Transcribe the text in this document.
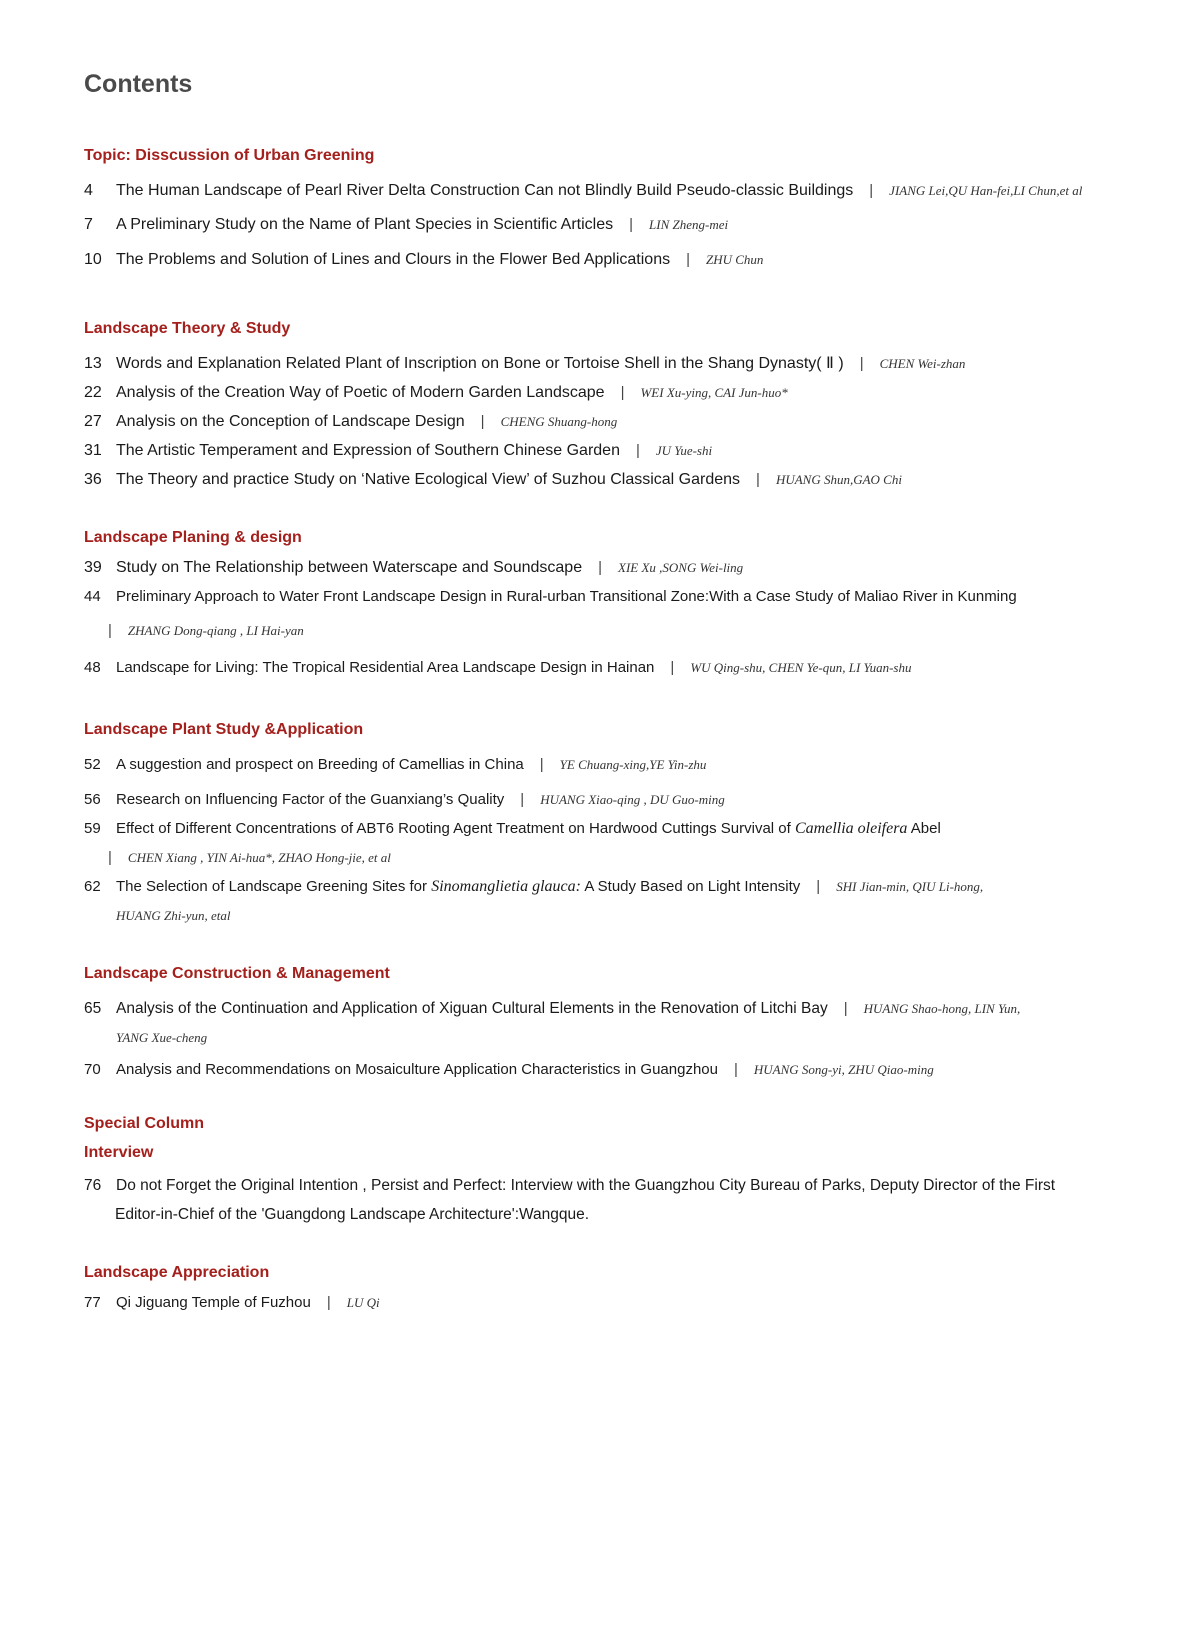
Contents
Topic: Disscussion of Urban Greening
4 The Human Landscape of Pearl River Delta Construction Can not Blindly Build Pseudo-classic Buildings | JIANG Lei,QU Han-fei,LI Chun,et al
7 A Preliminary Study on the Name of Plant Species in Scientific Articles | LIN Zheng-mei
10 The Problems and Solution of Lines and Clours in the Flower Bed Applications | ZHU Chun
Landscape Theory & Study
13 Words and Explanation Related Plant of Inscription on Bone or Tortoise Shell in the Shang Dynasty( Ⅱ ) | CHEN Wei-zhan
22 Analysis of the Creation Way of Poetic of Modern Garden Landscape | WEI Xu-ying, CAI Jun-huo*
27 Analysis on the Conception of Landscape Design | CHENG Shuang-hong
31 The Artistic Temperament and Expression of Southern Chinese Garden | JU Yue-shi
36 The Theory and practice Study on ‘Native Ecological View’ of Suzhou Classical Gardens | HUANG Shun,GAO Chi
Landscape Planing & design
39 Study on The Relationship between Waterscape and Soundscape | XIE Xu ,SONG Wei-ling
44 Preliminary Approach to Water Front Landscape Design in Rural-urban Transitional Zone:With a Case Study of Maliao River in Kunming
| ZHANG Dong-qiang , LI Hai-yan
48 Landscape for Living: The Tropical Residential Area Landscape Design in Hainan | WU Qing-shu, CHEN Ye-qun, LI Yuan-shu
Landscape Plant Study &Application
52 A suggestion and prospect on Breeding of Camellias in China | YE Chuang-xing,YE Yin-zhu
56 Research on Influencing Factor of the Guanxiang’s Quality | HUANG Xiao-qing , DU Guo-ming
59 Effect of Different Concentrations of ABT6 Rooting Agent Treatment on Hardwood Cuttings Survival of Camellia oleifera Abel
| CHEN Xiang , YIN Ai-hua*, ZHAO Hong-jie, et al
62 The Selection of Landscape Greening Sites for Sinomanglietia glauca: A Study Based on Light Intensity | SHI Jian-min, QIU Li-hong,
HUANG Zhi-yun, etal
Landscape Construction & Management
65 Analysis of the Continuation and Application of Xiguan Cultural Elements in the Renovation of Litchi Bay | HUANG Shao-hong, LIN Yun,
YANG Xue-cheng
70 Analysis and Recommendations on Mosaiculture Application Characteristics in Guangzhou | HUANG Song-yi, ZHU Qiao-ming
Special Column
Interview
76 Do not Forget the Original Intention , Persist and Perfect: Interview with the Guangzhou City Bureau of Parks, Deputy Director of the First
Editor-in-Chief of the 'Guangdong Landscape Architecture':Wangque.
Landscape Appreciation
77 Qi Jiguang Temple of Fuzhou | LU Qi
